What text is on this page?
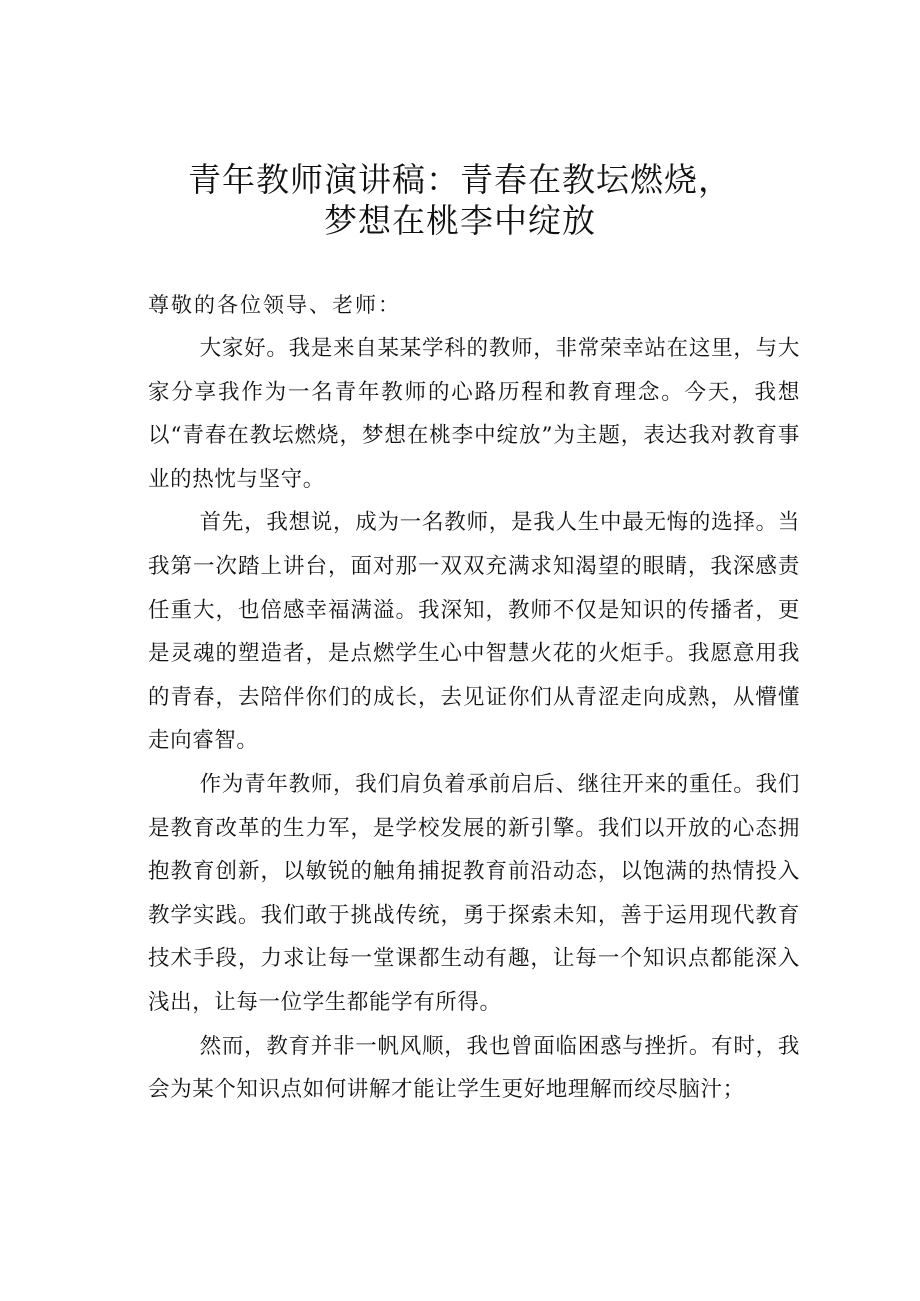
青年教师演讲稿：青春在教坛燃烧，
梦想在桃李中绽放
尊敬的各位领导、老师：

大家好。我是来自某某学科的教师，非常荣幸站在这里，与大家分享我作为一名青年教师的心路历程和教育理念。今天，我想以“青春在教坛燃烧，梦想在桃李中绽放”为主题，表达我对教育事业的热忱与坚守。

首先，我想说，成为一名教师，是我人生中最无悔的选择。当我第一次踏上讲台，面对那一双双充满求知渴望的眼睛，我深感责任重大，也倍感幸福满溢。我深知，教师不仅是知识的传播者，更是灵魂的塑造者，是点燃学生心中智慧火花的火炬手。我愿意用我的青春，去陪伴你们的成长，去见证你们从青涩走向成熟，从懵懂走向睿智。

作为青年教师，我们肩负着承前启后、继往开来的重任。我们是教育改革的生力军，是学校发展的新引擎。我们以开放的心态拥抱教育创新，以敏锐的触角捕捉教育前沿动态，以饱满的热情投入教学实践。我们敢于挑战传统，勇于探索未知，善于运用现代教育技术手段，力求让每一堂课都生动有趣，让每一个知识点都能深入浅出，让每一位学生都能学有所得。

然而，教育并非一帆风顺，我也曾面临困惑与挫折。有时，我会为某个知识点如何讲解才能让学生更好地理解而绞尽脑汁；
